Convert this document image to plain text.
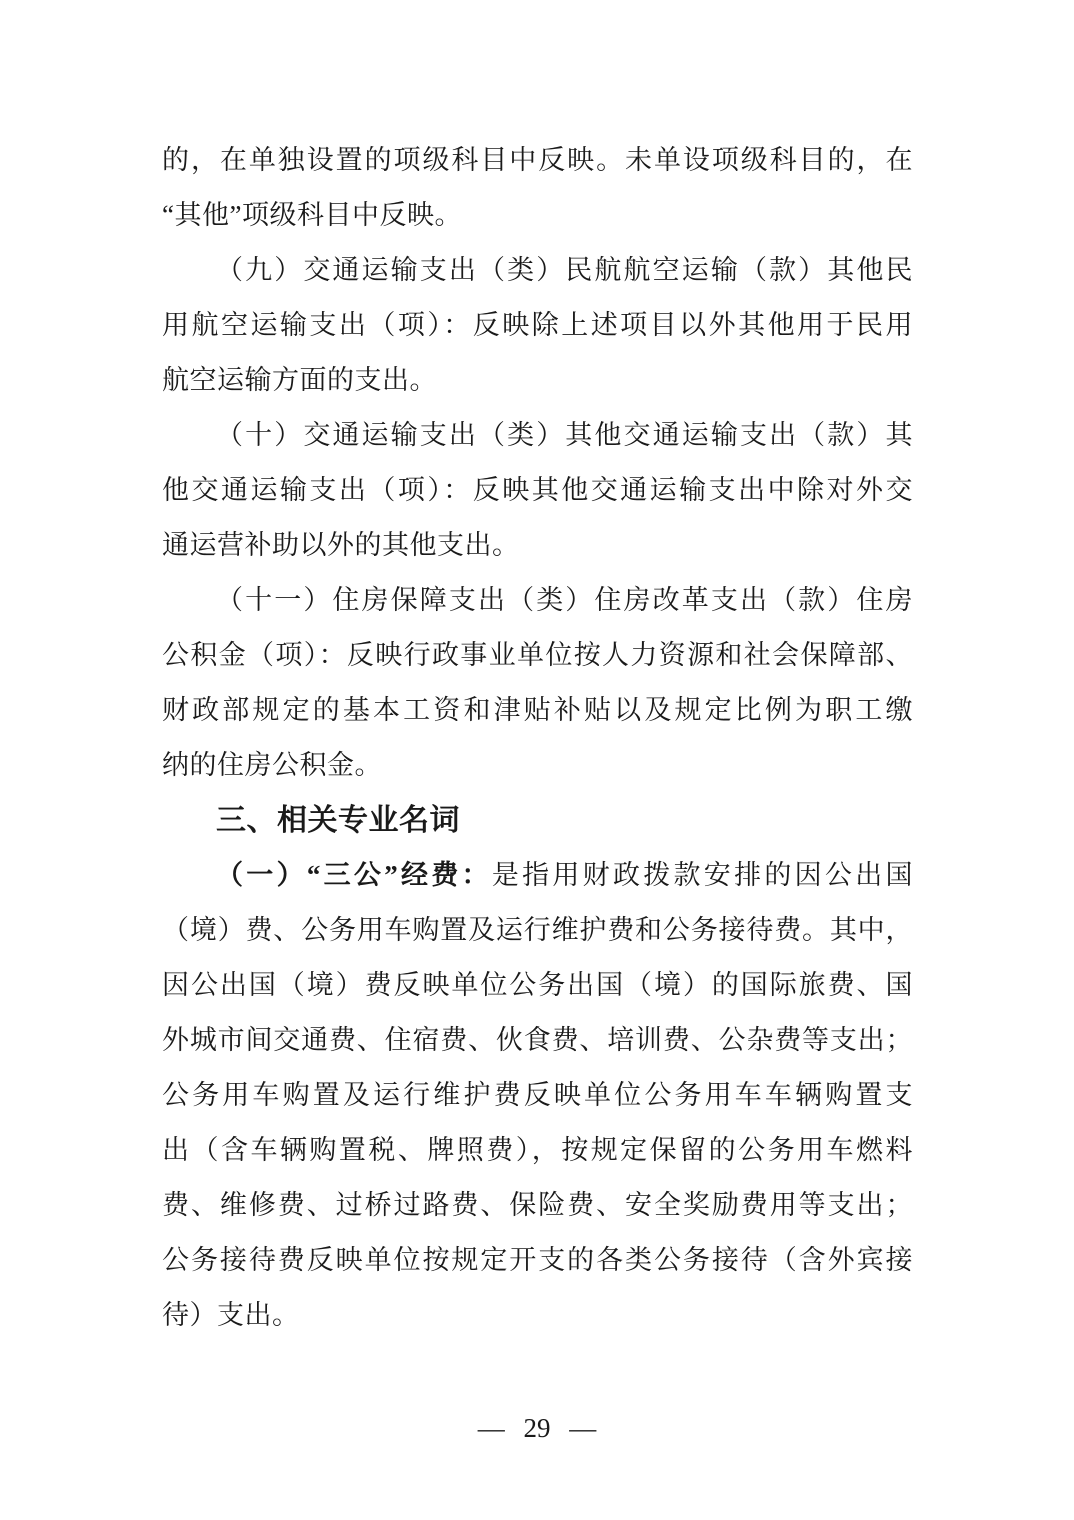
的，在单独设置的项级科目中反映。未单设项级科目的，在
“其他”项级科目中反映。
（九）交通运输支出（类）民航航空运输（款）其他民
用航空运输支出（项）：反映除上述项目以外其他用于民用
航空运输方面的支出。
（十）交通运输支出（类）其他交通运输支出（款）其
他交通运输支出（项）：反映其他交通运输支出中除对外交
通运营补助以外的其他支出。
（十一）住房保障支出（类）住房改革支出（款）住房
公积金（项）：反映行政事业单位按人力资源和社会保障部、
财政部规定的基本工资和津贴补贴以及规定比例为职工缴
纳的住房公积金。
三、相关专业名词
（一）“三公”经费：是指用财政拨款安排的因公出国
（境）费、公务用车购置及运行维护费和公务接待费。其中，
因公出国（境）费反映单位公务出国（境）的国际旅费、国
外城市间交通费、住宿费、伙食费、培训费、公杂费等支出；
公务用车购置及运行维护费反映单位公务用车车辆购置支
出（含车辆购置税、牌照费），按规定保留的公务用车燃料
费、维修费、过桥过路费、保险费、安全奖励费用等支出；
公务接待费反映单位按规定开支的各类公务接待（含外宾接
待）支出。
— 29 —
